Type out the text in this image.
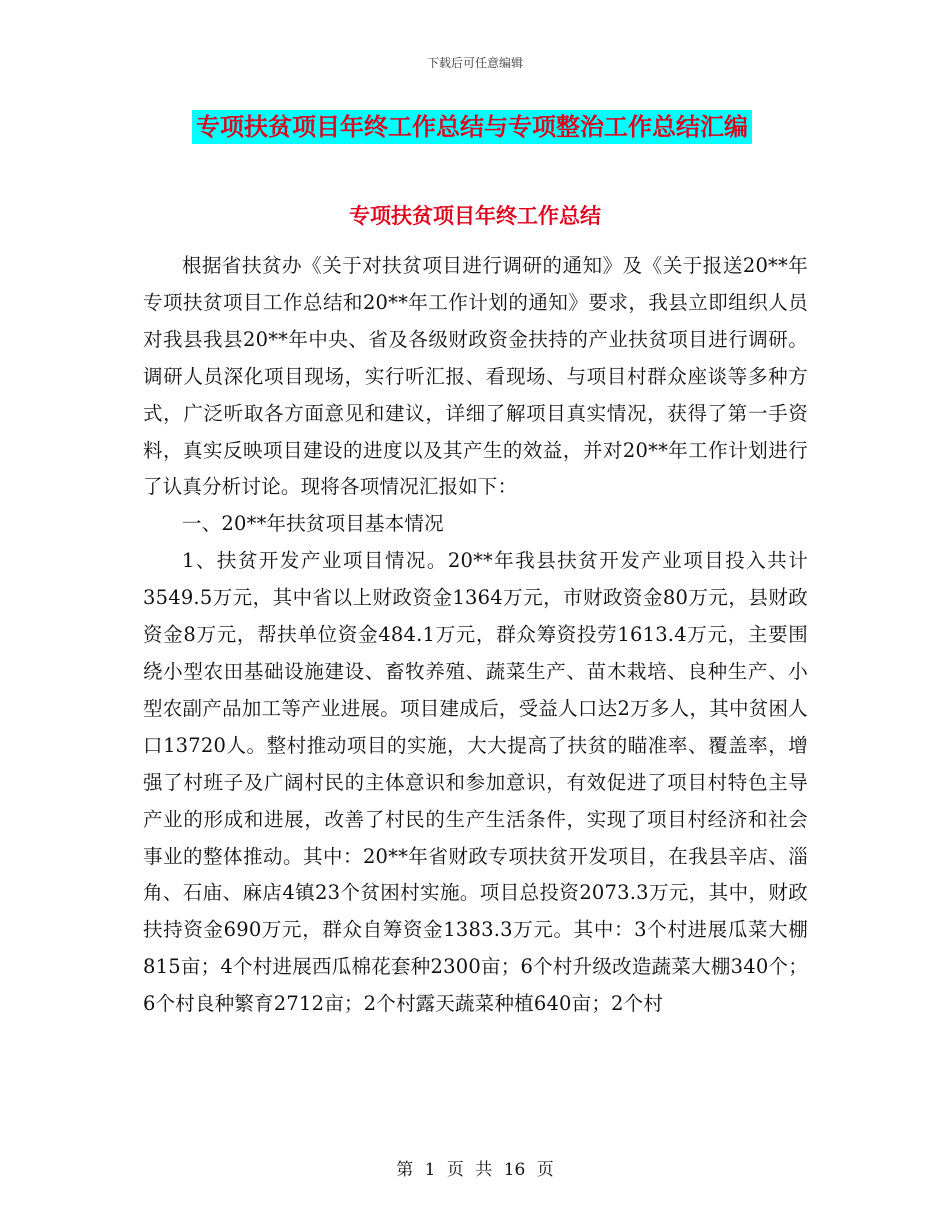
下载后可任意编辑
专项扶贫项目年终工作总结与专项整治工作总结汇编
专项扶贫项目年终工作总结

根据省扶贫办《关于对扶贫项目进行调研的通知》及《关于报送20**年专项扶贫项目工作总结和20**年工作计划的通知》要求，我县立即组织人员对我县我县20**年中央、省及各级财政资金扶持的产业扶贫项目进行调研。调研人员深化项目现场，实行听汇报、看现场、与项目村群众座谈等多种方式，广泛听取各方面意见和建议，详细了解项目真实情况，获得了第一手资料，真实反映项目建设的进度以及其产生的效益，并对20**年工作计划进行了认真分析讨论。现将各项情况汇报如下：

一、20**年扶贫项目基本情况

1、扶贫开发产业项目情况。20**年我县扶贫开发产业项目投入共计3549.5万元，其中省以上财政资金1364万元，市财政资金80万元，县财政资金8万元，帮扶单位资金484.1万元，群众筹资投劳1613.4万元，主要围绕小型农田基础设施建设、畜牧养殖、蔬菜生产、苗木栽培、良种生产、小型农副产品加工等产业进展。项目建成后，受益人口达2万多人，其中贫困人口13720人。整村推动项目的实施，大大提高了扶贫的瞄准率、覆盖率，增强了村班子及广阔村民的主体意识和参加意识，有效促进了项目村特色主导产业的形成和进展，改善了村民的生产生活条件，实现了项目村经济和社会事业的整体推动。其中：20**年省财政专项扶贫开发项目，在我县辛店、淄角、石庙、麻店4镇23个贫困村实施。项目总投资2073.3万元，其中，财政扶持资金690万元，群众自筹资金1383.3万元。其中：3个村进展瓜菜大棚815亩；4个村进展西瓜棉花套种2300亩；6个村升级改造蔬菜大棚340个；6个村良种繁育2712亩；2个村露天蔬菜种植640亩；2个村

第 1 页 共 16 页
